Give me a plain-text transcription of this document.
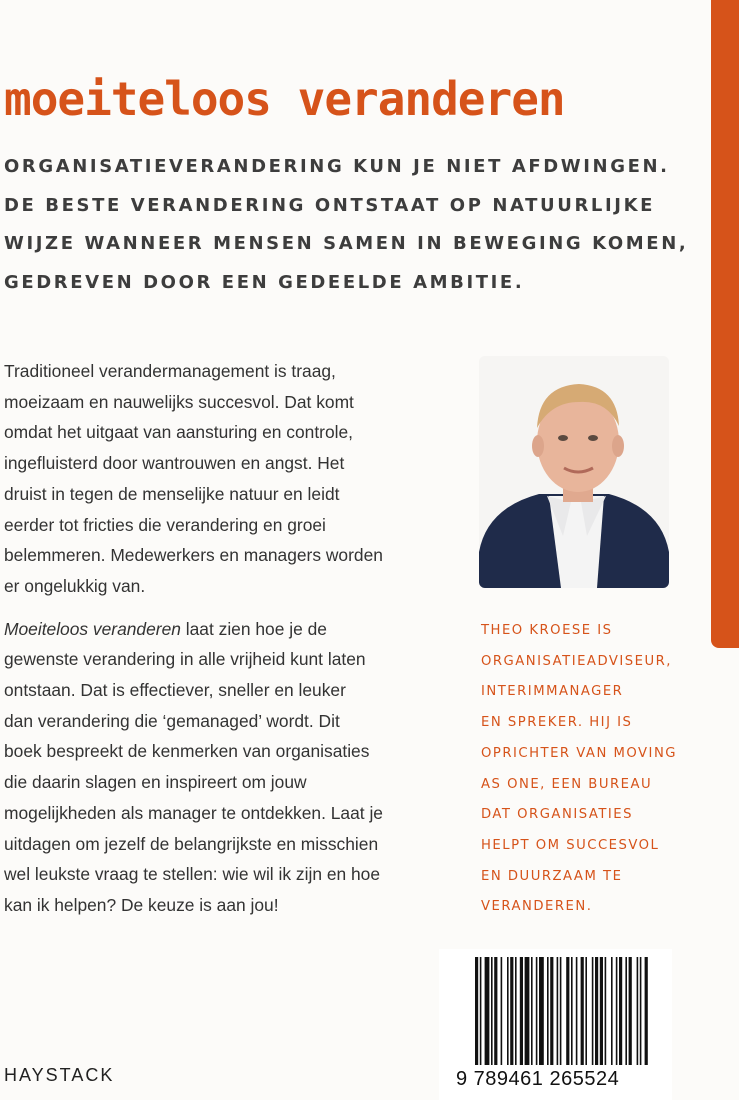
moeiteloos veranderen
ORGANISATIEVERANDERING KUN JE NIET AFDWINGEN.
DE BESTE VERANDERING ONTSTAAT OP NATUURLIJKE
WIJZE WANNEER MENSEN SAMEN IN BEWEGING KOMEN,
GEDREVEN DOOR EEN GEDEELDE AMBITIE.

Traditioneel verandermanagement is traag,
moeizaam en nauwelijks succesvol. Dat komt
omdat het uitgaat van aansturing en controle,
ingefluisterd door wantrouwen en angst. Het
druist in tegen de menselijke natuur en leidt
eerder tot fricties die verandering en groei
belemmeren. Medewerkers en managers worden
er ongelukkig van.

Moeiteloos veranderen laat zien hoe je de
gewenste verandering in alle vrijheid kunt laten
ontstaan. Dat is effectiever, sneller en leuker
dan verandering die ‘gemanaged’ wordt. Dit
boek bespreekt de kenmerken van organisaties
die daarin slagen en inspireert om jouw
mogelijkheden als manager te ontdekken. Laat je
uitdagen om jezelf de belangrijkste en misschien
wel leukste vraag te stellen: wie wil ik zijn en hoe
kan ik helpen? De keuze is aan jou!

THEO KROESE IS
ORGANISATIEADVISEUR,
INTERIMMANAGER
EN SPREKER. HIJ IS
OPRICHTER VAN MOVING
AS ONE, EEN BUREAU
DAT ORGANISATIES
HELPT OM SUCCESVOL
EN DUURZAAM TE
VERANDEREN.
9 789461 265524
HAYSTACK
